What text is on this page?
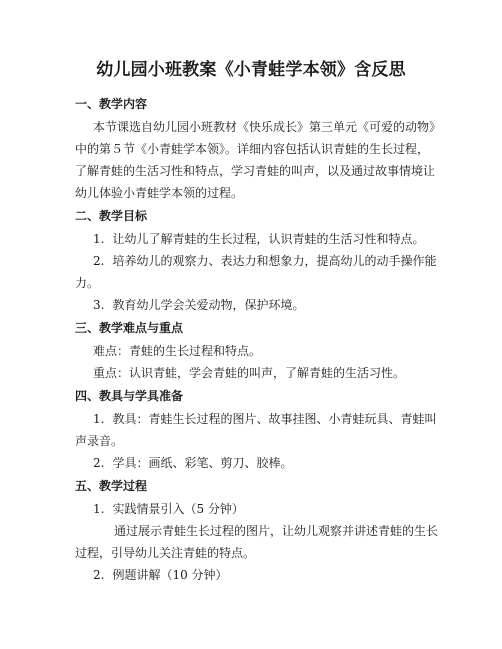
幼儿园小班教案《小青蛙学本领》含反思
一、教学内容
本节课选自幼儿园小班教材《快乐成长》第三单元《可爱的动物》
中的第５节《小青蛙学本领》。详细内容包括认识青蛙的生长过程，
了解青蛙的生活习性和特点，学习青蛙的叫声，以及通过故事情境让
幼儿体验小青蛙学本领的过程。
二、教学目标
1. 让幼儿了解青蛙的生长过程，认识青蛙的生活习性和特点。
2. 培养幼儿的观察力、表达力和想象力，提高幼儿的动手操作能
力。
3. 教育幼儿学会关爱动物，保护环境。
三、教学难点与重点
难点：青蛙的生长过程和特点。
重点：认识青蛙，学会青蛙的叫声，了解青蛙的生活习性。
四、教具与学具准备
1. 教具：青蛙生长过程的图片、故事挂图、小青蛙玩具、青蛙叫
声录音。
2. 学具：画纸、彩笔、剪刀、胶棒。
五、教学过程
1. 实践情景引入（5 分钟）
通过展示青蛙生长过程的图片，让幼儿观察并讲述青蛙的生长
过程，引导幼儿关注青蛙的特点。
2. 例题讲解（10 分钟）
